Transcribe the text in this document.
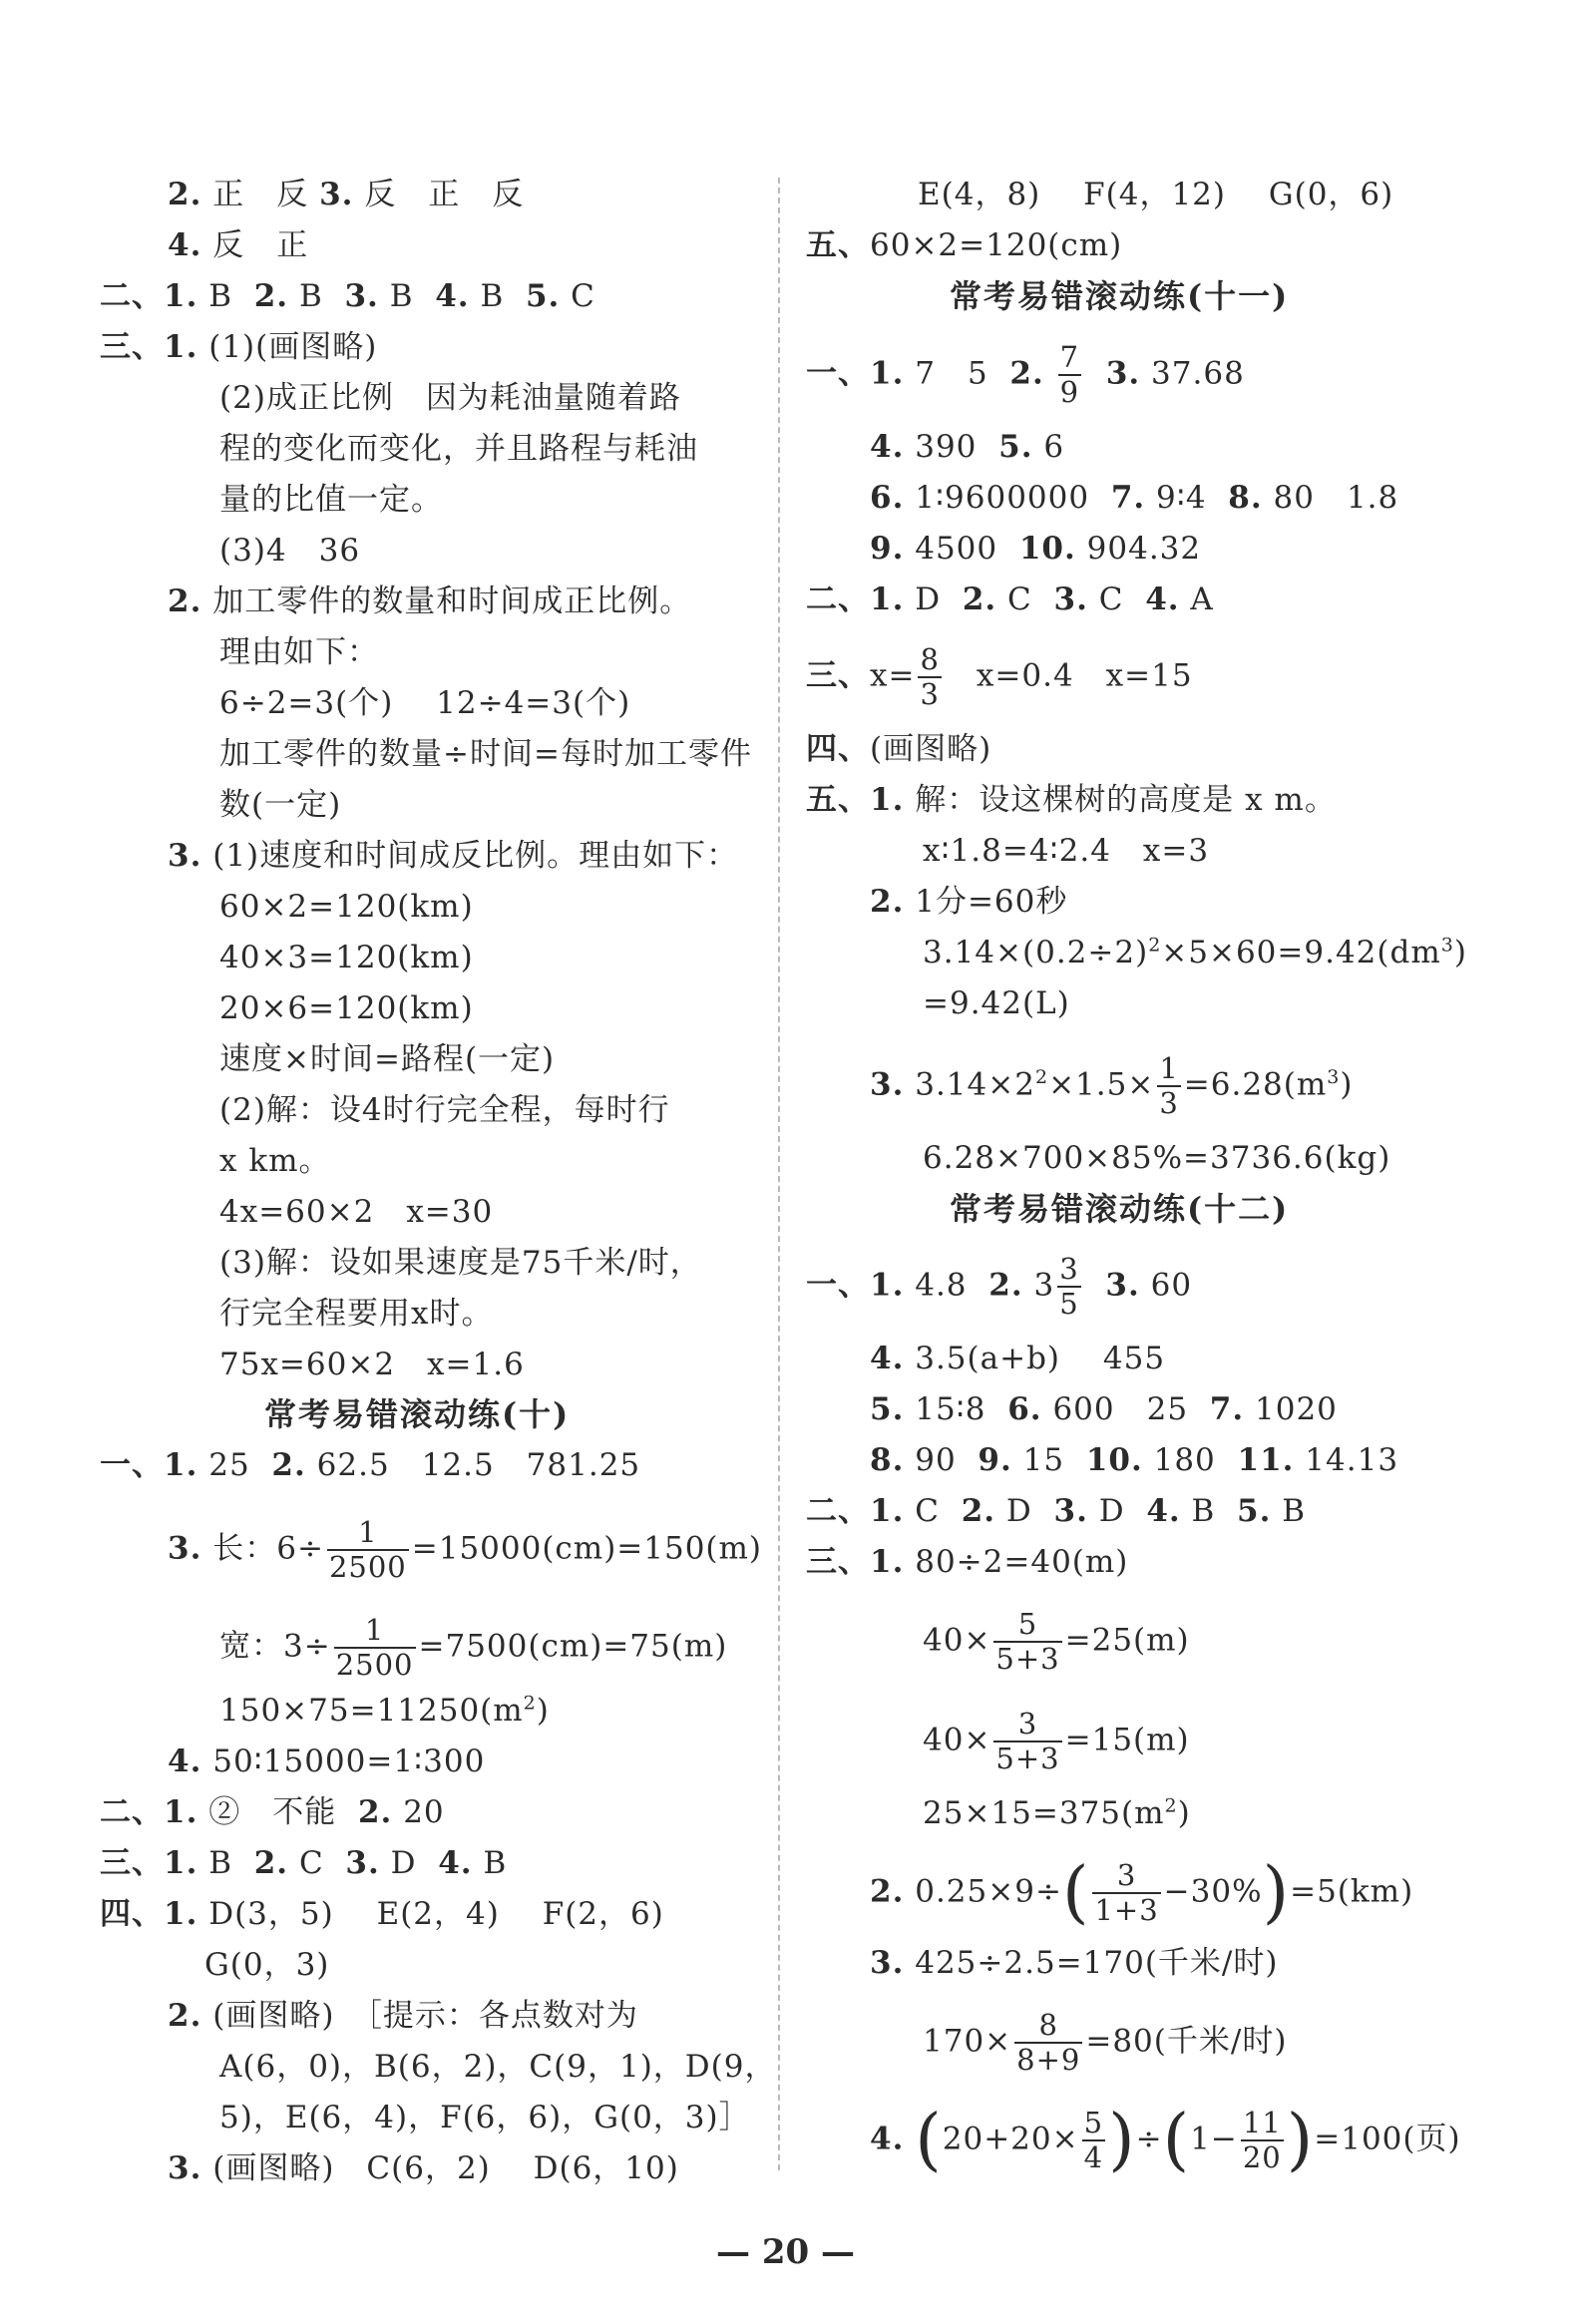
2. 正　反 3. 反　正　反
4. 反　正
二、1. B 2. B 3. B 4. B 5. C
三、1. (1)(画图略)
(2)成正比例　因为耗油量随着路
程的变化而变化，并且路程与耗油
量的比值一定。
(3)4　36
2. 加工零件的数量和时间成正比例。
理由如下：
6÷2=3(个)　 12÷4=3(个)
加工零件的数量÷时间=每时加工零件
数(一定)
3. (1)速度和时间成反比例。理由如下：
60×2=120(km)
40×3=120(km)
20×6=120(km)
速度×时间=路程(一定)
(2)解：设4时行完全程，每时行
x km。
4x=60×2　x=30
(3)解：设如果速度是75千米/时，
行完全程要用x时。
75x=60×2　x=1.6
常考易错滚动练(十)
一、1. 25 2. 62.5　12.5　781.25
3. 长：$6\div \frac{1}{2500} =15000(cm)=150(m)$
宽：$3\div \frac{1}{2500} =7500(cm)=75(m)$
$150\times 75=11250(m^2)$
4. 50∶15000=1∶300
二、1. ②　不能 2. 20
三、1. B 2. C 3. D 4. B
四、1. D(3，5)　 E(2，4)　 F(2，6)
G(0，3)
2. (画图略)　［提示：各点数对为
A(6，0)，B(6，2)，C(9，1)，D(9，
5)，E(6，4)，F(6，6)，G(0，3)］
3. (画图略)　C(6，2)　 D(6，10)
E(4，8)　 F(4，12)　 G(0，6)
五、60×2=120(cm)
常考易错滚动练(十一)
一、1. 7　5 2. $\frac{7}{9} 3$. 37.68
4. 390 5. 6
6. 1∶9600000 7. 9∶4 8. 80　1.8
9. 4500 10. 904.32
二、1. D 2. C 3. C 4. A
三、$x= \frac{8}{3}$ 　x=0.4　x=15
四、(画图略)
五、1. 解：设这棵树的高度是 x m。
x∶1.8=4∶2.4　x=3
2. 1分=60秒
$3.14\times(0.2\div 2)^2\times 5\times 60=9.42(dm^3)$
=9.42(L)
3. $3.14\times 2^2\times 1.5\times \frac{1}{3} =6.28(m^3)$
6.28×700×85%=3736.6(kg)
常考易错滚动练(十二)
一、1. 4.8 2. $3 \frac{3}{5} 3$. 60
4. 3.5(a+b)　 455
5. 15∶8 6. 600　25 7. 1020
8. 90 9. 15 10. 180 11. 14.13
二、1. C 2. D 3. D 4. B 5. B
三、1. 80÷2=40(m)
$40\times \frac{5}{5+3} =25(m)$
$40\times \frac{3}{5+3} =15(m)$
$25\times 15=375(m^2)$
2. $0.25\times 9\div( \frac{3}{1+3} -30\%)=5(km)$
3. 425÷2.5=170(千米/时)
$170\times \frac{8}{8+9} =80$(千米/时)
4. $(20+20\times \frac{5}{4} )\div(1- \frac{11}{20} )=100$(页)
— 20 —
